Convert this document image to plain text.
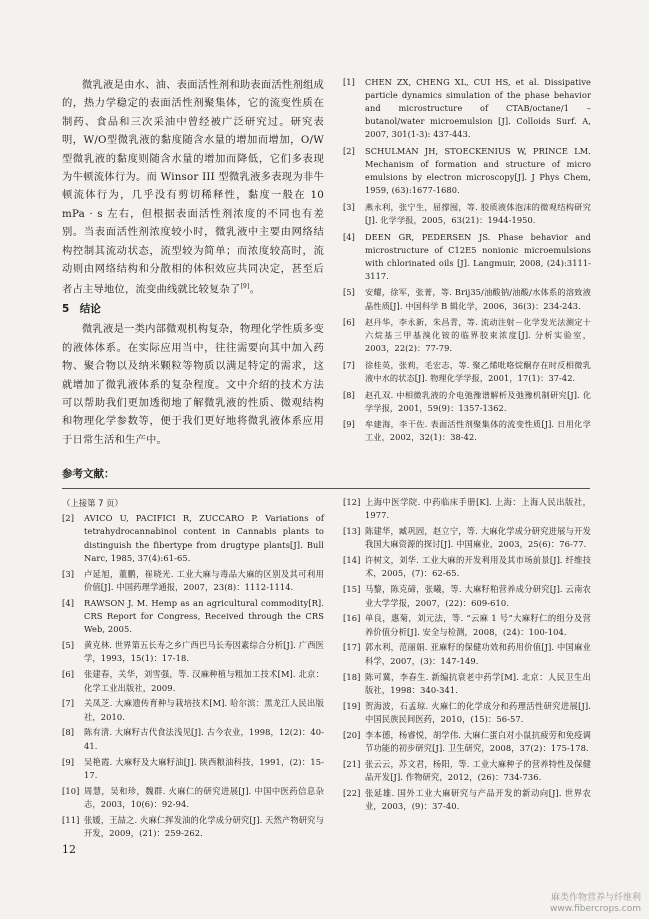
微乳液是由水、油、表面活性剂和助表面活性剂组成的，热力学稳定的表面活性剂聚集体，它的流变性质在制药、食品和三次采油中曾经被广泛研究过。研究表明，W/O型微乳液的黏度随含水量的增加而增加，O/W 型微乳液的黏度则随含水量的增加而降低，它们多表现为牛顿流体行为。而 Winsor III 型微乳液多表现为非牛顿流体行为，几乎没有剪切稀释性，黏度一般在 10 mPa · s 左右，但根据表面活性剂浓度的不同也有差别。当表面活性剂浓度较小时，微乳液中主要由网络结构控制其流动状态，流型较为简单；而浓度较高时，流动则由网络结构和分散相的体积效应共同决定，甚至后者占主导地位，流变曲线就比较复杂了[9]。

5　结论

微乳液是一类内部微观机构复杂，物理化学性质多变的液体体系。在实际应用当中，往往需要向其中加入药物、聚合物以及纳米颗粒等物质以满足特定的需求，这就增加了微乳液体系的复杂程度。文中介绍的技术方法可以帮助我们更加透彻地了解微乳液的性质、微观结构和物理化学参数等，便于我们更好地将微乳液体系应用于日常生活和生产中。

[1]	CHEN ZX, CHENG XL, CUI HS, et al. Dissipative particle dynamics simulation of the phase behavior and microstructure of CTAB/octane/1 – butanol/water microemulsion [J]. Colloids Surf. A, 2007, 301(1-3): 437-443.
[2]	SCHULMAN JH, STOECKENIUS W, PRINCE LM. Mechanism of formation and structure of micro emulsions by electron microscopy[J]. J Phys Chem, 1959, (63):1677-1680.
[3]	燕永利，张宁生，屈撑囤，等. 胶质液体泡沫的微观结构研究[J]. 化学学报，2005，63(21)：1944-1950.
[4]	DEEN GR, PEDERSEN JS. Phase behavior and microstructure of C12E5 nonionic microemulsions with chlorinated oils [J]. Langmuir, 2008, (24):3111-3117.
[5]	安耀，徐军，张菁，等. Brij35/油酸钠/油酸/水体系的溶致液晶性质[J]. 中国科学 B 辑化学，2006，36(3)：234-243.
[6]	赵丹华，李永新，朱昌青，等. 流动注射－化学发光法测定十六烷基三甲基溴化铵的临界胶束浓度[J]. 分析实验室，2003，22(2)：77-79.
[7]	徐桂英，张莉，毛宏志，等. 聚乙烯吡咯烷酮存在时反相微乳液中水的状态[J]. 物理化学学报，2001，17(1)：37-42.
[8]	赵孔双. 中相微乳液的介电弛豫谱解析及弛豫机制研究[J]. 化学学报，2001，59(9)：1357-1362.
[9]	牟建海，李干佐. 表面活性剂聚集体的流变性质[J]. 日用化学工业，2002，32(1)：38-42.
参考文献：
（上接第 7 页）
[2]	AVICO U, PACIFICI R, ZUCCARO P. Variations of tetrahydrocannabinol content in Cannabis plants to distinguish the fibertype from drugtype plants[J]. Bull Narc, 1985, 37(4):61-65.
[3]	卢延旭，董鹏，崔晓光. 工业大麻与毒品大麻的区别及其可利用价值[J]. 中国药理学通报，2007，23(8)：1112-1114.
[4]	RAWSON J. M. Hemp as an agricultural commodity[R]. CRS Report for Congress, Received through the CRS Web, 2005.
[5]	黄克林. 世界第五长寿之乡广西巴马长寿因素综合分析[J]. 广西医学，1993，15(1)：17-18.
[6]	张建春，关华，刘雪强，等. 汉麻种植与粗加工技术[M]. 北京：化学工业出版社，2009.
[7]	关凤芝. 大麻遗传育种与栽培技术[M]. 哈尔滨：黑龙江人民出版社，2010.
[8]	陈有清. 大麻籽古代食法浅见[J]. 古今农业，1998，12(2)：40-41.
[9]	吴艳霞. 大麻籽及大麻籽油[J]. 陕西粮油科技，1991，(2)：15-17.
[10] 周慧，吴和珍，魏群. 火麻仁的研究进展[J]. 中国中医药信息杂志，2003，10(6)：92-94.
[11] 张媛，王喆之. 火麻仁挥发油的化学成分研究[J]. 天然产物研究与开发，2009，(21)：259-262.
[12] 上海中医学院. 中药临床手册[K]. 上海：上海人民出版社，1977.
[13] 陈建华，臧巩固，赵立宁，等. 大麻化学成分研究进展与开发我国大麻资源的探讨[J]. 中国麻业，2003，25(6)：76-77.
[14] 许树文，刘华. 工业大麻的开发利用及其市场前景[J]. 纤维技术，2005，(7)：62-65.
[15] 马黎，陈克碲，张曦，等. 大麻籽粕营养成分研究[J]. 云南农业大学学报，2007，(22)：609-610.
[16] 单良，惠菊，刘元法，等. “云麻 1 号”大麻籽仁的组分及营养价值分析[J]. 安全与检测，2008，(24)：100-104.
[17] 郭水利，范丽娟. 亚麻籽的保健功效和药用价值[J]. 中国麻业科学，2007，(3)：147-149.
[18] 陈可冀，李春生. 新编抗衰老中药学[M]. 北京：人民卫生出版社，1998：340-341.
[19] 贺海波，石孟琼. 火麻仁的化学成分和药理活性研究进展[J]. 中国民族民间医药，2010，(15)：56-57.
[20] 李本德，杨睿悦，胡学伟. 大麻仁蛋白对小鼠抗疲劳和免疫调节功能的初步研究[J]. 卫生研究，2008，37(2)：175-178.
[21] 张云云，苏文君，杨阳，等. 工业大麻种子的营养特性及保健品开发[J]. 作物研究，2012，(26)：734-736.
[22] 张延雄. 国外工业大麻研究与产品开发的新动向[J]. 世界农业，2003，(9)：37-40.
12
麻类作物营养与纤维利
www.fibercrops.com
